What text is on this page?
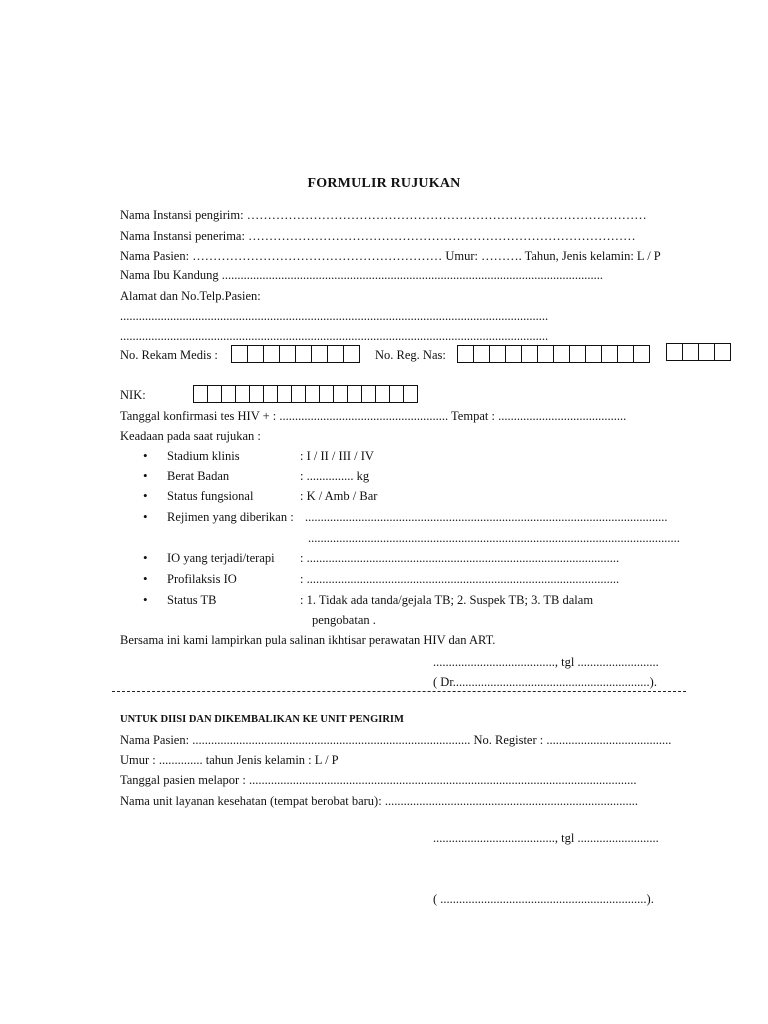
FORMULIR RUJUKAN
Nama Instansi pengirim: ……………………………………………………………………………………
Nama Instansi penerima: …………………………………………………………………………………
Nama Pasien: …………………………………………………… Umur: ………. Tahun, Jenis kelamin: L / P
Nama Ibu Kandung ..........................................................................................................................
Alamat dan No.Telp.Pasien:
.........................................................................................................................................
.........................................................................................................................................
No. Rekam Medis :	No. Reg. Nas:
NIK:
Tanggal konfirmasi tes HIV + : ...................................................... Tempat : .........................................
Keadaan pada saat rujukan :
• Stadium klinis	: I / II / III / IV
• Berat Badan	: ............... kg
• Status fungsional	: K / Amb / Bar
• Rejimen yang diberikan : ....................................................................................................................
.......................................................................................................................
• IO yang terjadi/terapi : ....................................................................................................
• Profilaksis IO	: ....................................................................................................
• Status TB	: 1. Tidak ada tanda/gejala TB; 2. Suspek TB; 3. TB dalam
pengobatan .
Bersama ini kami lampirkan pula salinan ikhtisar perawatan HIV dan ART.
......................................., tgl ..........................
( Dr...............................................................).
UNTUK DIISI DAN DIKEMBALIKAN KE UNIT PENGIRIM
Nama Pasien: ......................................................................................... No. Register : ........................................
Umur : .............. tahun Jenis kelamin : L / P
Tanggal pasien melapor : ............................................................................................................................
Nama unit layanan kesehatan (tempat berobat baru): .................................................................................
......................................., tgl ..........................
( ..................................................................).
